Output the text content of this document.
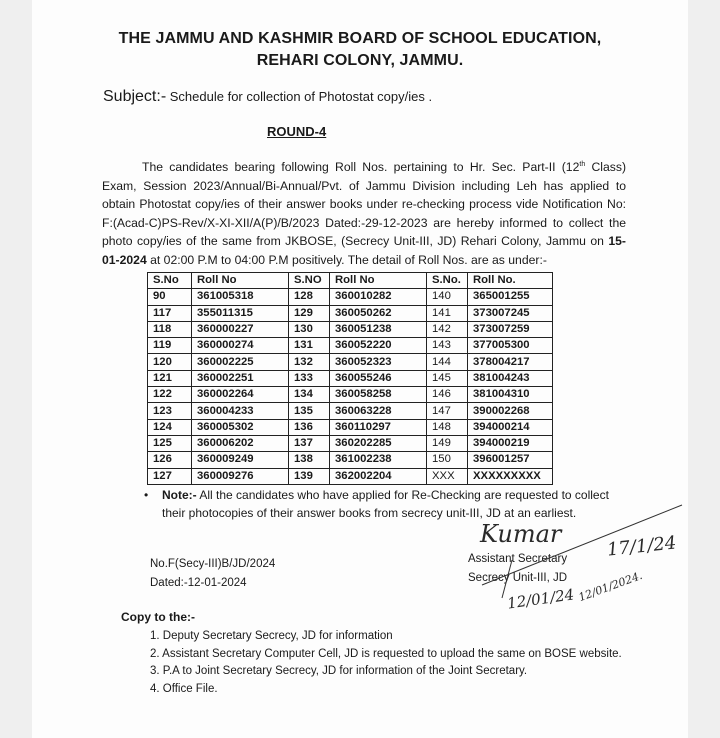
THE JAMMU AND KASHMIR BOARD OF SCHOOL EDUCATION,
REHARI COLONY, JAMMU.
Subject:- Schedule for collection of Photostat copy/ies .
ROUND-4
The candidates bearing following Roll Nos. pertaining to Hr. Sec. Part-II (12th Class) Exam, Session 2023/Annual/Bi-Annual/Pvt. of Jammu Division including Leh has applied to obtain Photostat copy/ies of their answer books under re-checking process vide Notification No: F:(Acad-C)PS-Rev/X-XI-XII/A(P)/B/2023 Dated:-29-12-2023 are hereby informed to collect the photo copy/ies of the same from JKBOSE, (Secrecy Unit-III, JD) Rehari Colony, Jammu on 15-01-2024 at 02:00 P.M to 04:00 P.M positively. The detail of Roll Nos. are as under:-
S.No	Roll No	S.NO	Roll No	S.No.	Roll No.
90	361005318	128	360010282	140	365001255
117	355011315	129	360050262	141	373007245
118	360000227	130	360051238	142	373007259
119	360000274	131	360052220	143	377005300
120	360002225	132	360052323	144	378004217
121	360002251	133	360055246	145	381004243
122	360002264	134	360058258	146	381004310
123	360004233	135	360063228	147	390002268
124	360005302	136	360110297	148	394000214
125	360006202	137	360202285	149	394000219
126	360009249	138	361002238	150	396001257
127	360009276	139	362002204	XXX	XXXXXXXXX
• Note:- All the candidates who have applied for Re-Checking are requested to collect their photocopies of their answer books from secrecy unit-III, JD at an earliest.
No.F(Secy-III)B/JD/2024
Dated:-12-01-2024
Kumar 17/1/24
Assistant Secretary
Secrecy Unit-III, JD
12/01/24 12/01/2024.
Copy to the:-
1. Deputy Secretary Secrecy, JD for information
2. Assistant Secretary Computer Cell, JD is requested to upload the same on BOSE website.
3. P.A to Joint Secretary Secrecy, JD for information of the Joint Secretary.
4. Office File.
